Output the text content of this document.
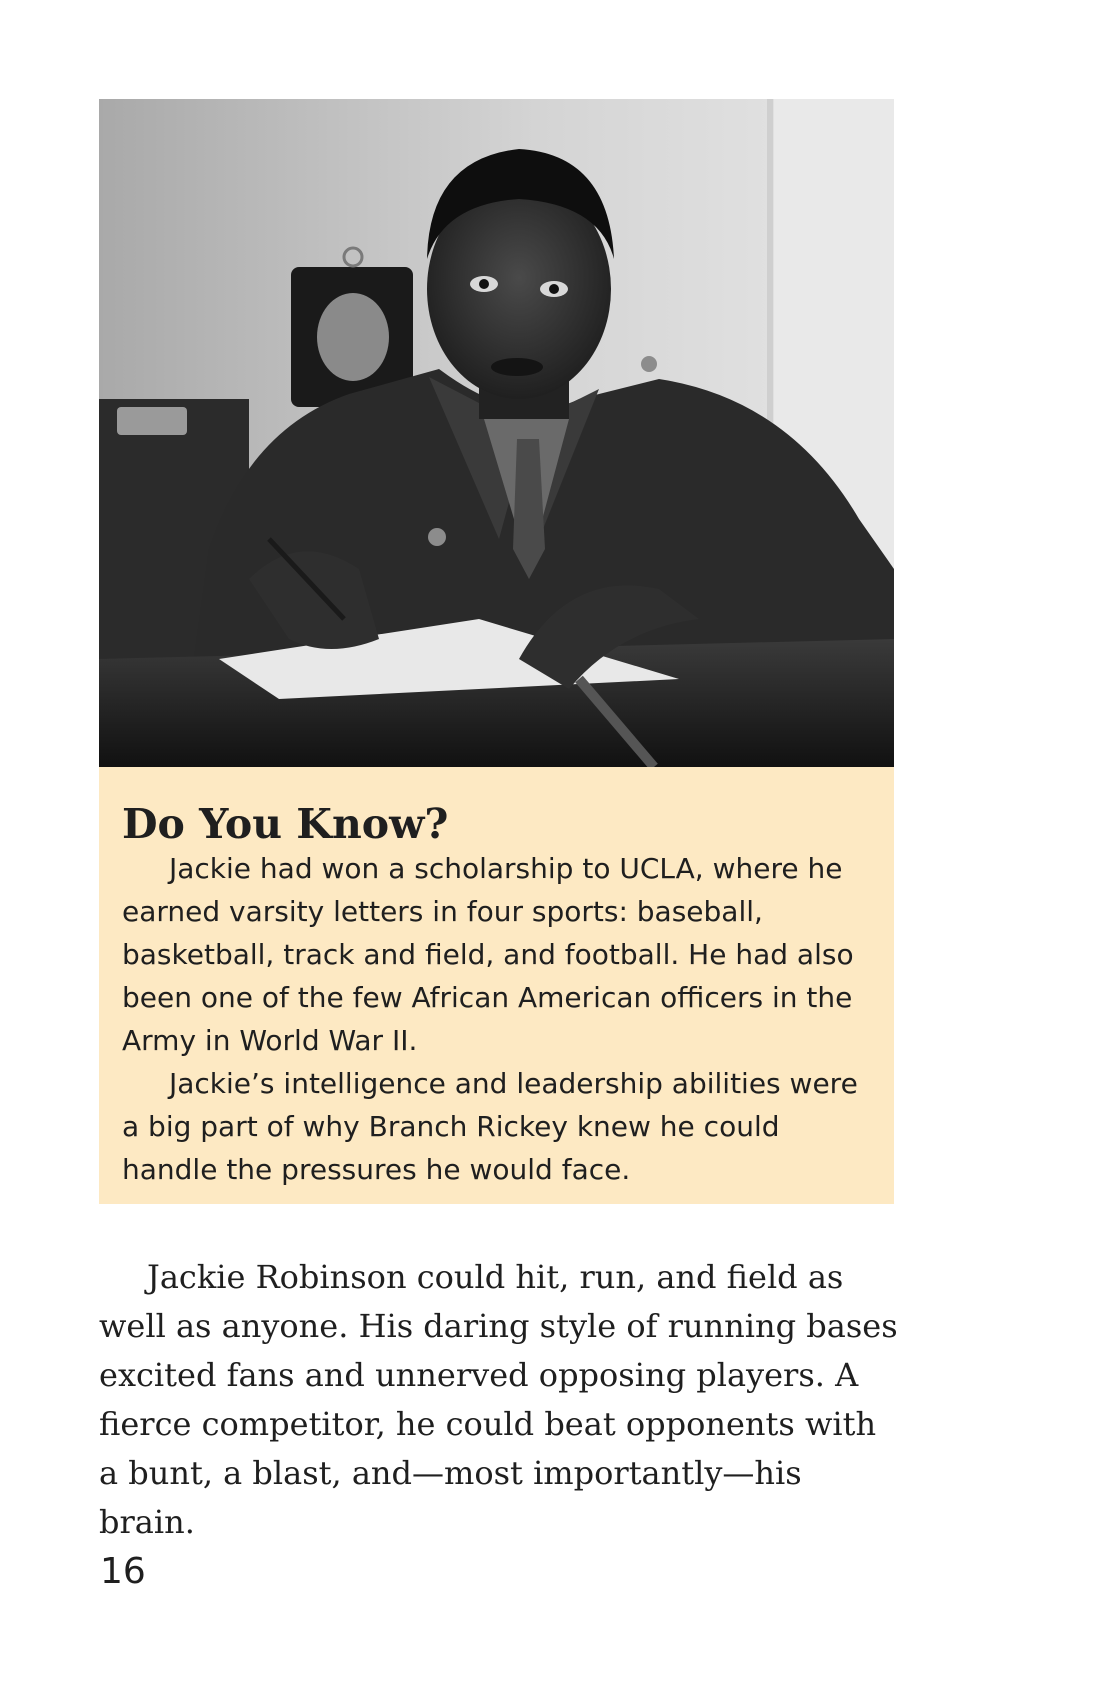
Do You Know?

Jackie had won a scholarship to UCLA, where he earned varsity letters in four sports: baseball, basketball, track and field, and football. He had also been one of the few African American officers in the Army in World War II.

Jackie’s intelligence and leadership abilities were a big part of why Branch Rickey knew he could handle the pressures he would face.

Jackie Robinson could hit, run, and field as well as anyone. His daring style of running bases excited fans and unnerved opposing players. A fierce competitor, he could beat opponents with a bunt, a blast, and—most importantly—his brain.

16
